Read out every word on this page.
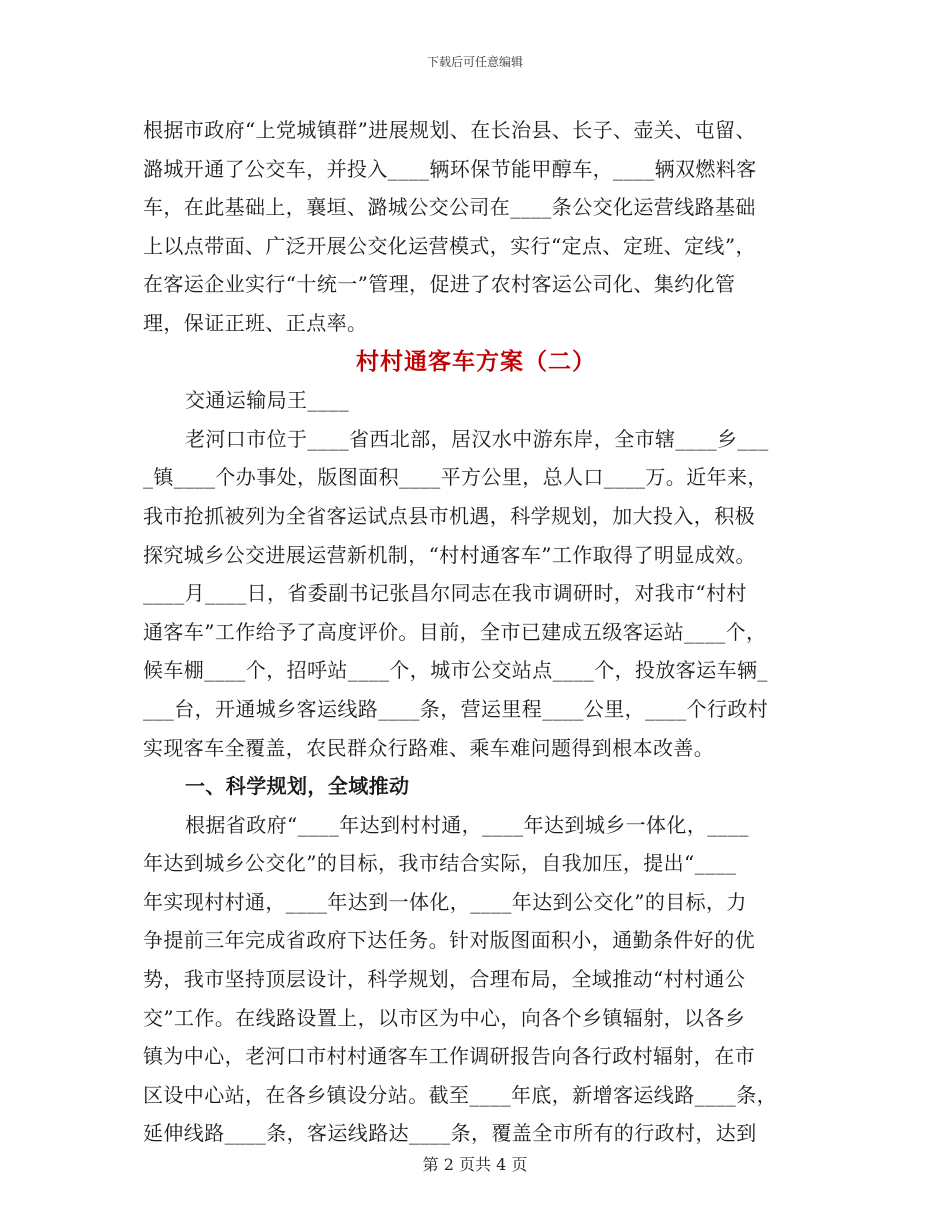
下载后可任意编辑
根据市政府“上党城镇群”进展规划、在长治县、长子、壶关、屯留、
潞城开通了公交车，并投入____辆环保节能甲醇车，____辆双燃料客
车，在此基础上，襄垣、潞城公交公司在____条公交化运营线路基础
上以点带面、广泛开展公交化运营模式，实行“定点、定班、定线”，
在客运企业实行“十统一”管理，促进了农村客运公司化、集约化管
理，保证正班、正点率。
村村通客车方案（二）
交通运输局王____
老河口市位于____省西北部，居汉水中游东岸，全市辖____乡___
_镇____个办事处，版图面积____平方公里，总人口____万。近年来，
我市抢抓被列为全省客运试点县市机遇，科学规划，加大投入，积极
探究城乡公交进展运营新机制，“村村通客车”工作取得了明显成效。
____月____日，省委副书记张昌尔同志在我市调研时，对我市“村村
通客车”工作给予了高度评价。目前，全市已建成五级客运站____个，
候车棚____个，招呼站____个，城市公交站点____个，投放客运车辆_
___台，开通城乡客运线路____条，营运里程____公里，____个行政村
实现客车全覆盖，农民群众行路难、乘车难问题得到根本改善。
一、科学规划，全域推动
根据省政府“____年达到村村通，____年达到城乡一体化，____
年达到城乡公交化”的目标，我市结合实际，自我加压，提出“____
年实现村村通，____年达到一体化，____年达到公交化”的目标，力
争提前三年完成省政府下达任务。针对版图面积小，通勤条件好的优
势，我市坚持顶层设计，科学规划，合理布局，全域推动“村村通公
交”工作。在线路设置上，以市区为中心，向各个乡镇辐射，以各乡
镇为中心，老河口市村村通客车工作调研报告向各行政村辐射，在市
区设中心站，在各乡镇设分站。截至____年底，新增客运线路____条，
延伸线路____条，客运线路达____条，覆盖全市所有的行政村，达到
第 2 页共 4 页
